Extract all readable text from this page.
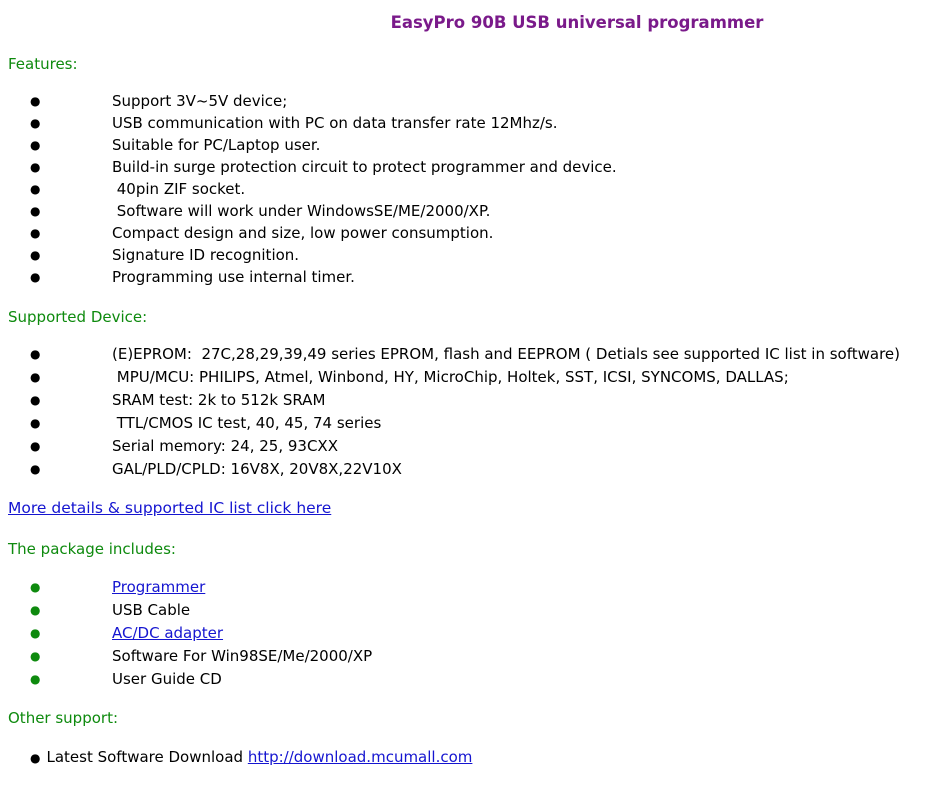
EasyPro 90B USB universal programmer
Features:
●	Support 3V~5V device;
●	USB communication with PC on data transfer rate 12Mhz/s.
●	Suitable for PC/Laptop user.
●	Build-in surge protection circuit to protect programmer and device.
●	40pin ZIF socket.
●	Software will work under WindowsSE/ME/2000/XP.
●	Compact design and size, low power consumption.
●	Signature ID recognition.
●	Programming use internal timer.
Supported Device:
●	(E)EPROM:  27C,28,29,39,49 series EPROM, flash and EEPROM ( Detials see supported IC list in software)
●	MPU/MCU: PHILIPS, Atmel, Winbond, HY, MicroChip, Holtek, SST, ICSI, SYNCOMS, DALLAS;
●	SRAM test: 2k to 512k SRAM
●	TTL/CMOS IC test, 40, 45, 74 series
●	Serial memory: 24, 25, 93CXX
●	GAL/PLD/CPLD: 16V8X, 20V8X,22V10X
More details & supported IC list click here
The package includes:
●	Programmer
●	USB Cable
●	AC/DC adapter
●	Software For Win98SE/Me/2000/XP
●	User Guide CD
Other support:
● Latest Software Download http://download.mcumall.com
